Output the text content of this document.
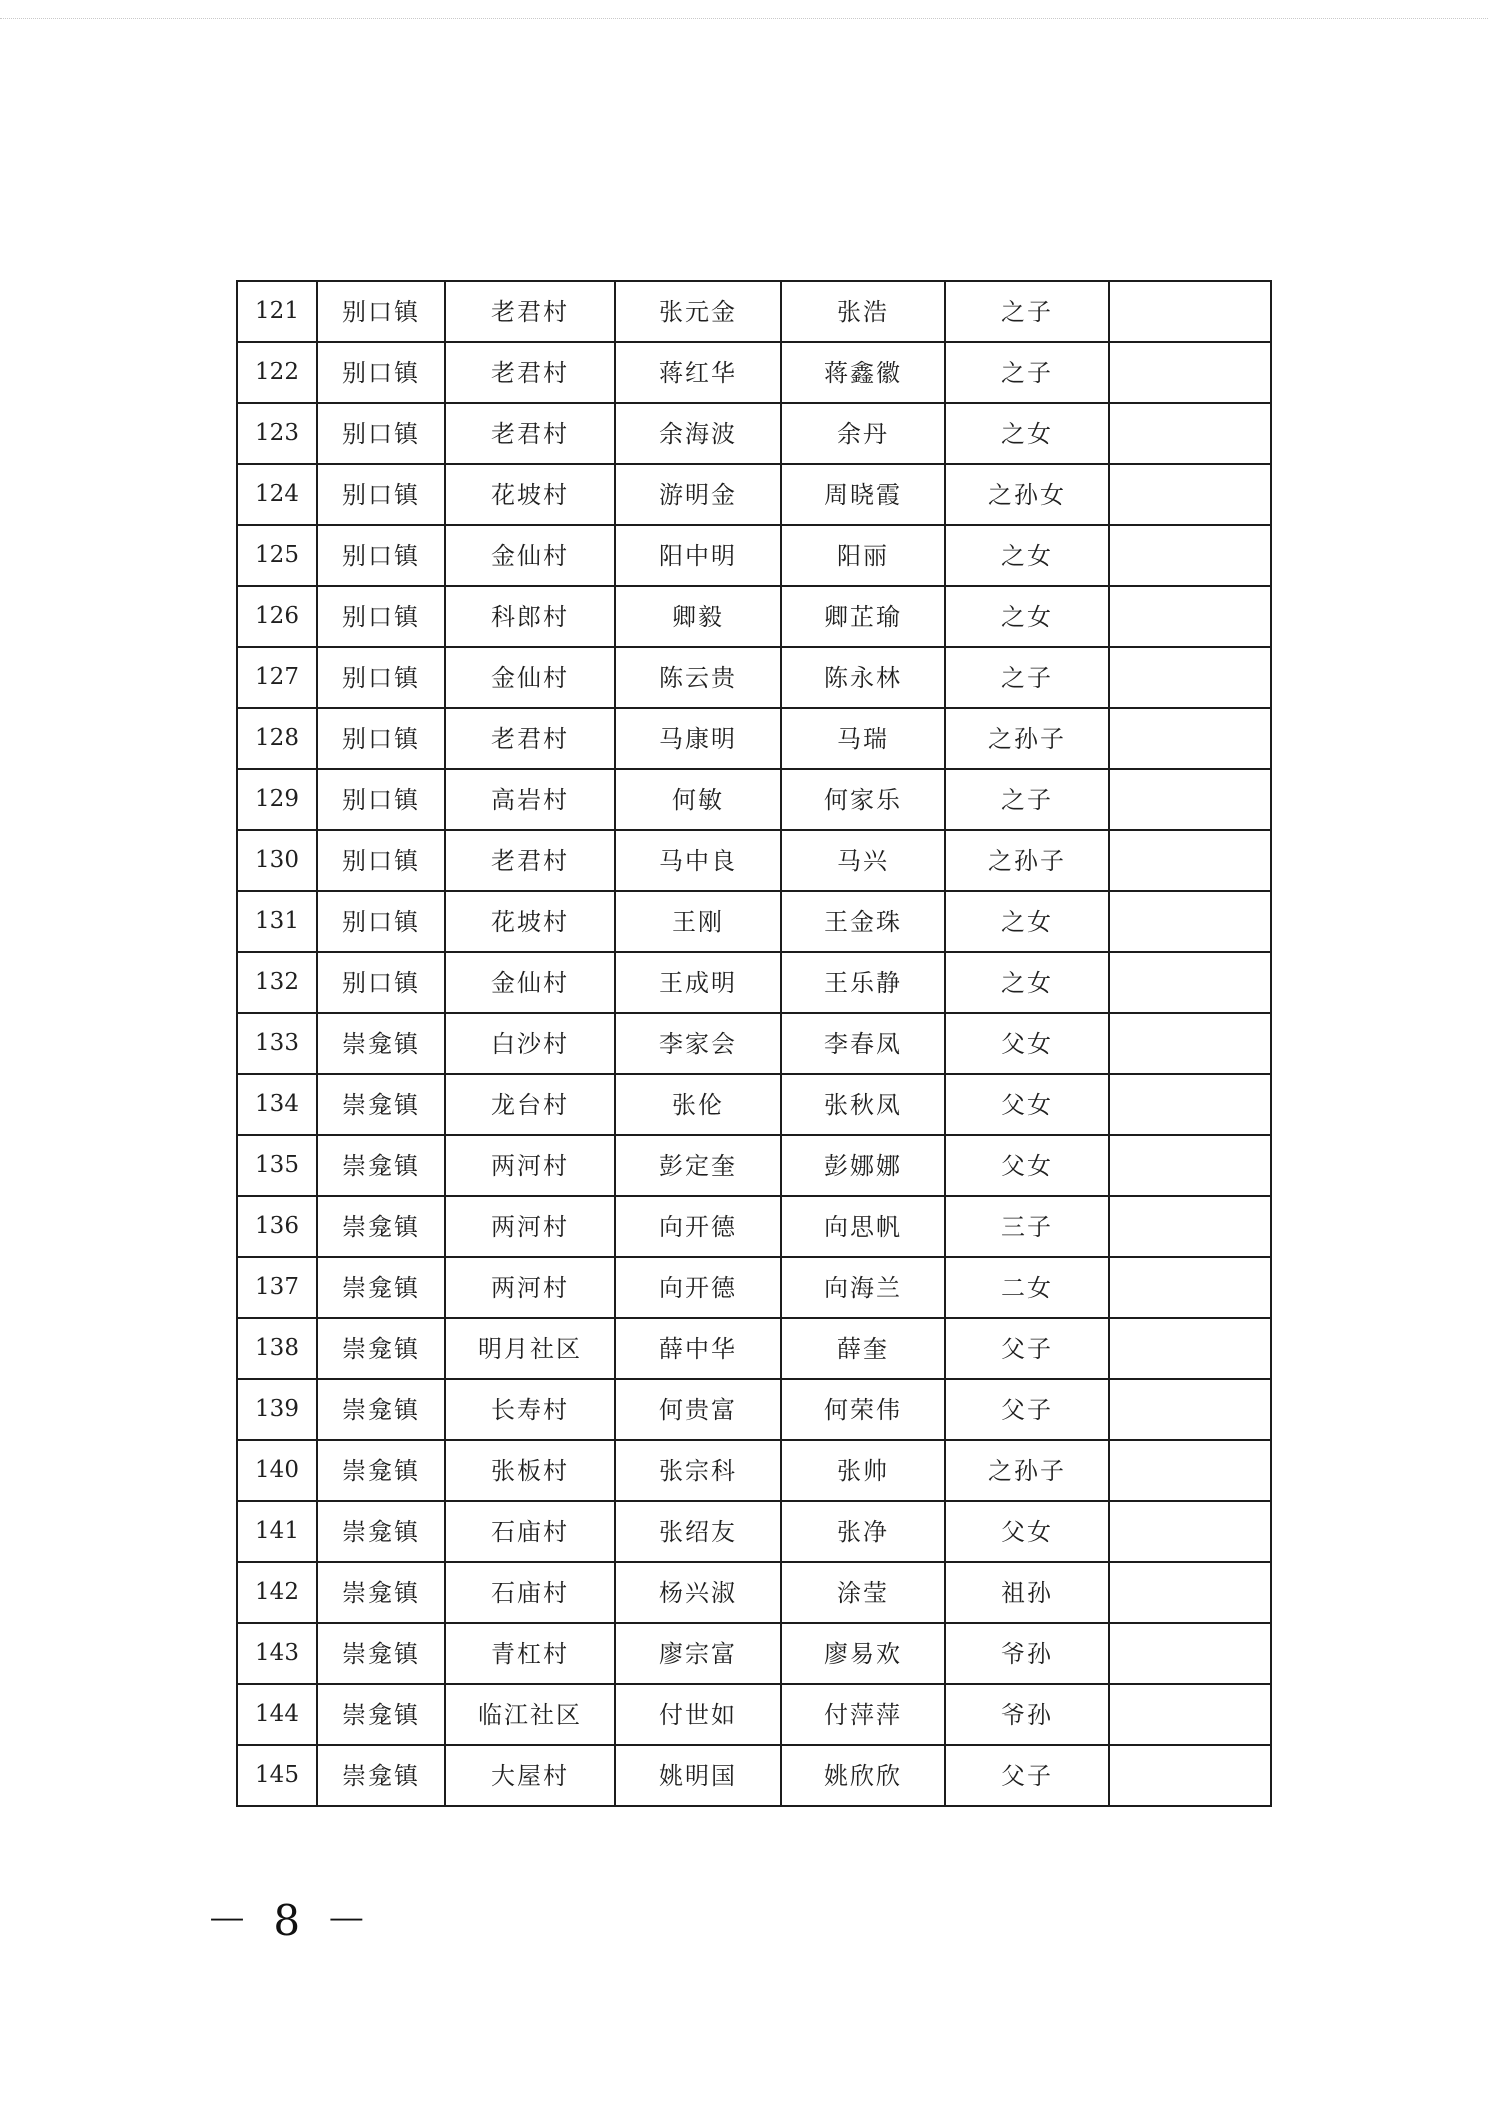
121	别口镇	老君村	张元金	张浩	之子	
122	别口镇	老君村	蒋红华	蒋鑫徽	之子	
123	别口镇	老君村	余海波	余丹	之女	
124	别口镇	花坡村	游明金	周晓霞	之孙女	
125	别口镇	金仙村	阳中明	阳丽	之女	
126	别口镇	科郎村	卿毅	卿芷瑜	之女	
127	别口镇	金仙村	陈云贵	陈永林	之子	
128	别口镇	老君村	马康明	马瑞	之孙子	
129	别口镇	高岩村	何敏	何家乐	之子	
130	别口镇	老君村	马中良	马兴	之孙子	
131	别口镇	花坡村	王刚	王金珠	之女	
132	别口镇	金仙村	王成明	王乐静	之女	
133	崇龛镇	白沙村	李家会	李春凤	父女	
134	崇龛镇	龙台村	张伦	张秋凤	父女	
135	崇龛镇	两河村	彭定奎	彭娜娜	父女	
136	崇龛镇	两河村	向开德	向思帆	三子	
137	崇龛镇	两河村	向开德	向海兰	二女	
138	崇龛镇	明月社区	薛中华	薛奎	父子	
139	崇龛镇	长寿村	何贵富	何荣伟	父子	
140	崇龛镇	张板村	张宗科	张帅	之孙子	
141	崇龛镇	石庙村	张绍友	张净	父女	
142	崇龛镇	石庙村	杨兴淑	涂莹	祖孙	
143	崇龛镇	青杠村	廖宗富	廖易欢	爷孙	
144	崇龛镇	临江社区	付世如	付萍萍	爷孙	
145	崇龛镇	大屋村	姚明国	姚欣欣	父子	
－ 8 －
